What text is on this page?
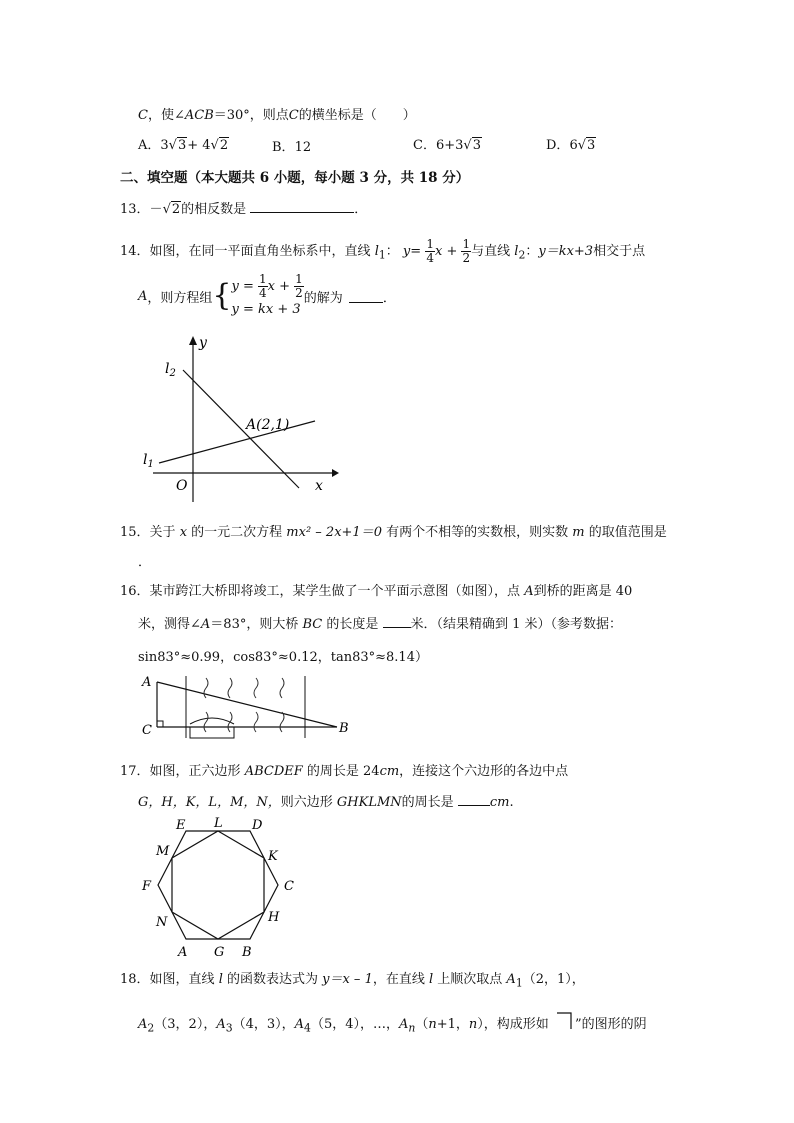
C，使∠ACB＝30°，则点C的横坐标是（　　）
A．3√3+ 4√2	B．12	C．6+3√3	D．6√3
二、填空题（本大题共 6 小题，每小题 3 分，共 18 分）
13．－√2的相反数是	．
14．如图，在同一平面直角坐标系中，直线 $l_1$： $y= \frac{1}{4}$ $x + \frac{1}{2}$ 与直线 $l_2$：y＝kx+3相交于点
A ，则方程组 { $y = \frac{1}{4}$ $x + \frac{1}{2}$
y = kx + 3
的解为	．
$l_2$
$l_1$
y
x
O
A(2,1)
15．关于 x 的一元二次方程 mx² – 2x+1＝0 有两个不相等的实数根，则实数 m 的取值范围是
．
16．某市跨江大桥即将竣工，某学生做了一个平面示意图（如图），点 A到桥的距离是 40
米，测得∠A＝83°，则大桥 BC 的长度是 米．（结果精确到 1 米）（参考数据：
sin83°≈0.99，cos83°≈0.12，tan83°≈8.14）
A
C	B
17．如图，正六边形 ABCDEF 的周长是 24cm，连接这个六边形的各边中点
G，H，K，L，M，N，则六边形 GHKLMN的周长是	cm.
E L D
M	K
F	C
N	H
A G B
18．如图，直线 l 的函数表达式为 y＝x – 1，在直线 l 上顺次取点 $A_1(2$，1），
$A_2(3$，2），$A_3(4$，3），$A_4(5$，4），…，$A_n(n+1$，n），构成形如 ”的图形的阴
